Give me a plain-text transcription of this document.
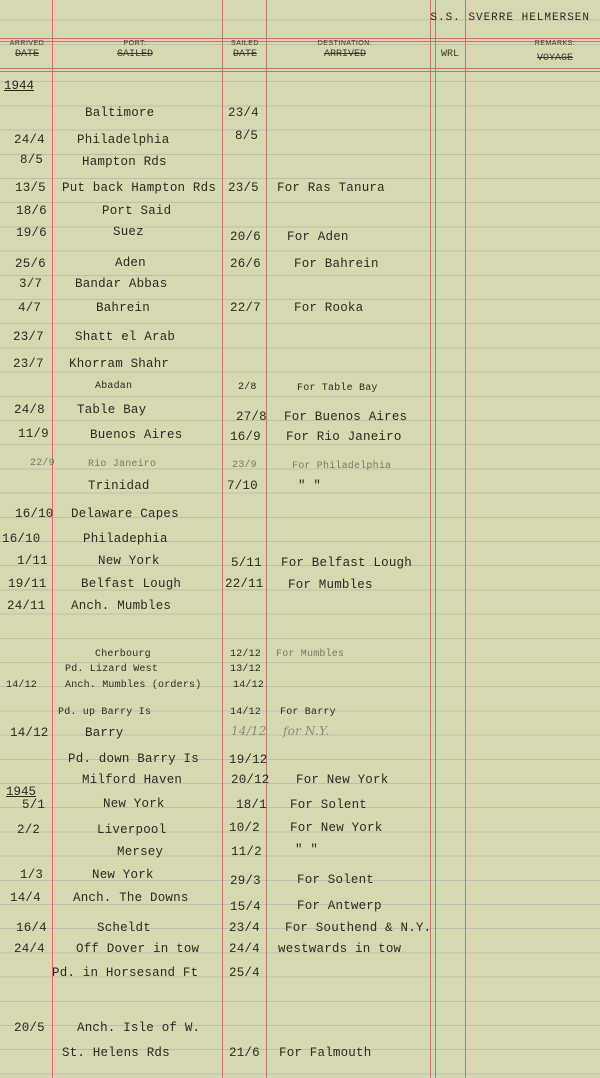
S.S. SVERRE HELMERSEN
ARRIVED
DATE
PORT:
SAILED
SAILED
DATE
DESTINATION:
ARRIVED	WRL
REMARKS:
VOYAGE
1944
1945
Baltimore	23/4
24/4	Philadelphia	8/5
8/5	Hampton Rds
13/5 Put back Hampton Rds 23/5 For Ras Tanura
18/6	Port Said
19/6	Suez	20/6 For Aden
25/6	Aden	26/6	For Bahrein
3/7	Bandar Abbas
4/7	Bahrein	22/7	For Rooka
23/7 Shatt el Arab
23/7 Khorram Shahr
Abadan	2/8	For Table Bay
24/8	Table Bay	27/8 For Buenos Aires
11/9	Buenos Aires	16/9 For Rio Janeiro
22/9	Rio Janeiro	23/9	For Philadelphia
Trinidad	7/10	" "
16/10 Delaware Capes
16/10	Philadephia
1/11	New York	5/11 For Belfast Lough
19/11	Belfast Lough	22/11 For Mumbles
24/11 Anch. Mumbles
Cherbourg	12/12 For Mumbles
Pd. Lizard West	13/12
14/12	Anch. Mumbles (orders)	14/12
Pd. up Barry Is	14/12 For Barry
14/12	Barry	14/12 for N.Y.
Pd. down Barry Is 19/12
Milford Haven	20/12 For New York
5/1	New York	18/1 For Solent
2/2	Liverpool	10/2 For New York
Mersey	11/2	" "
1/3	New York	29/3	For Solent
14/4	Anch. The Downs
15/4	For Antwerp
16/4	Scheldt	23/4 For Southend & N.Y.
24/4 Off Dover in tow 24/4 westwards in tow
Pd. in Horsesand Ft 25/4
20/5	Anch. Isle of W.
St. Helens Rds	21/6 For Falmouth
